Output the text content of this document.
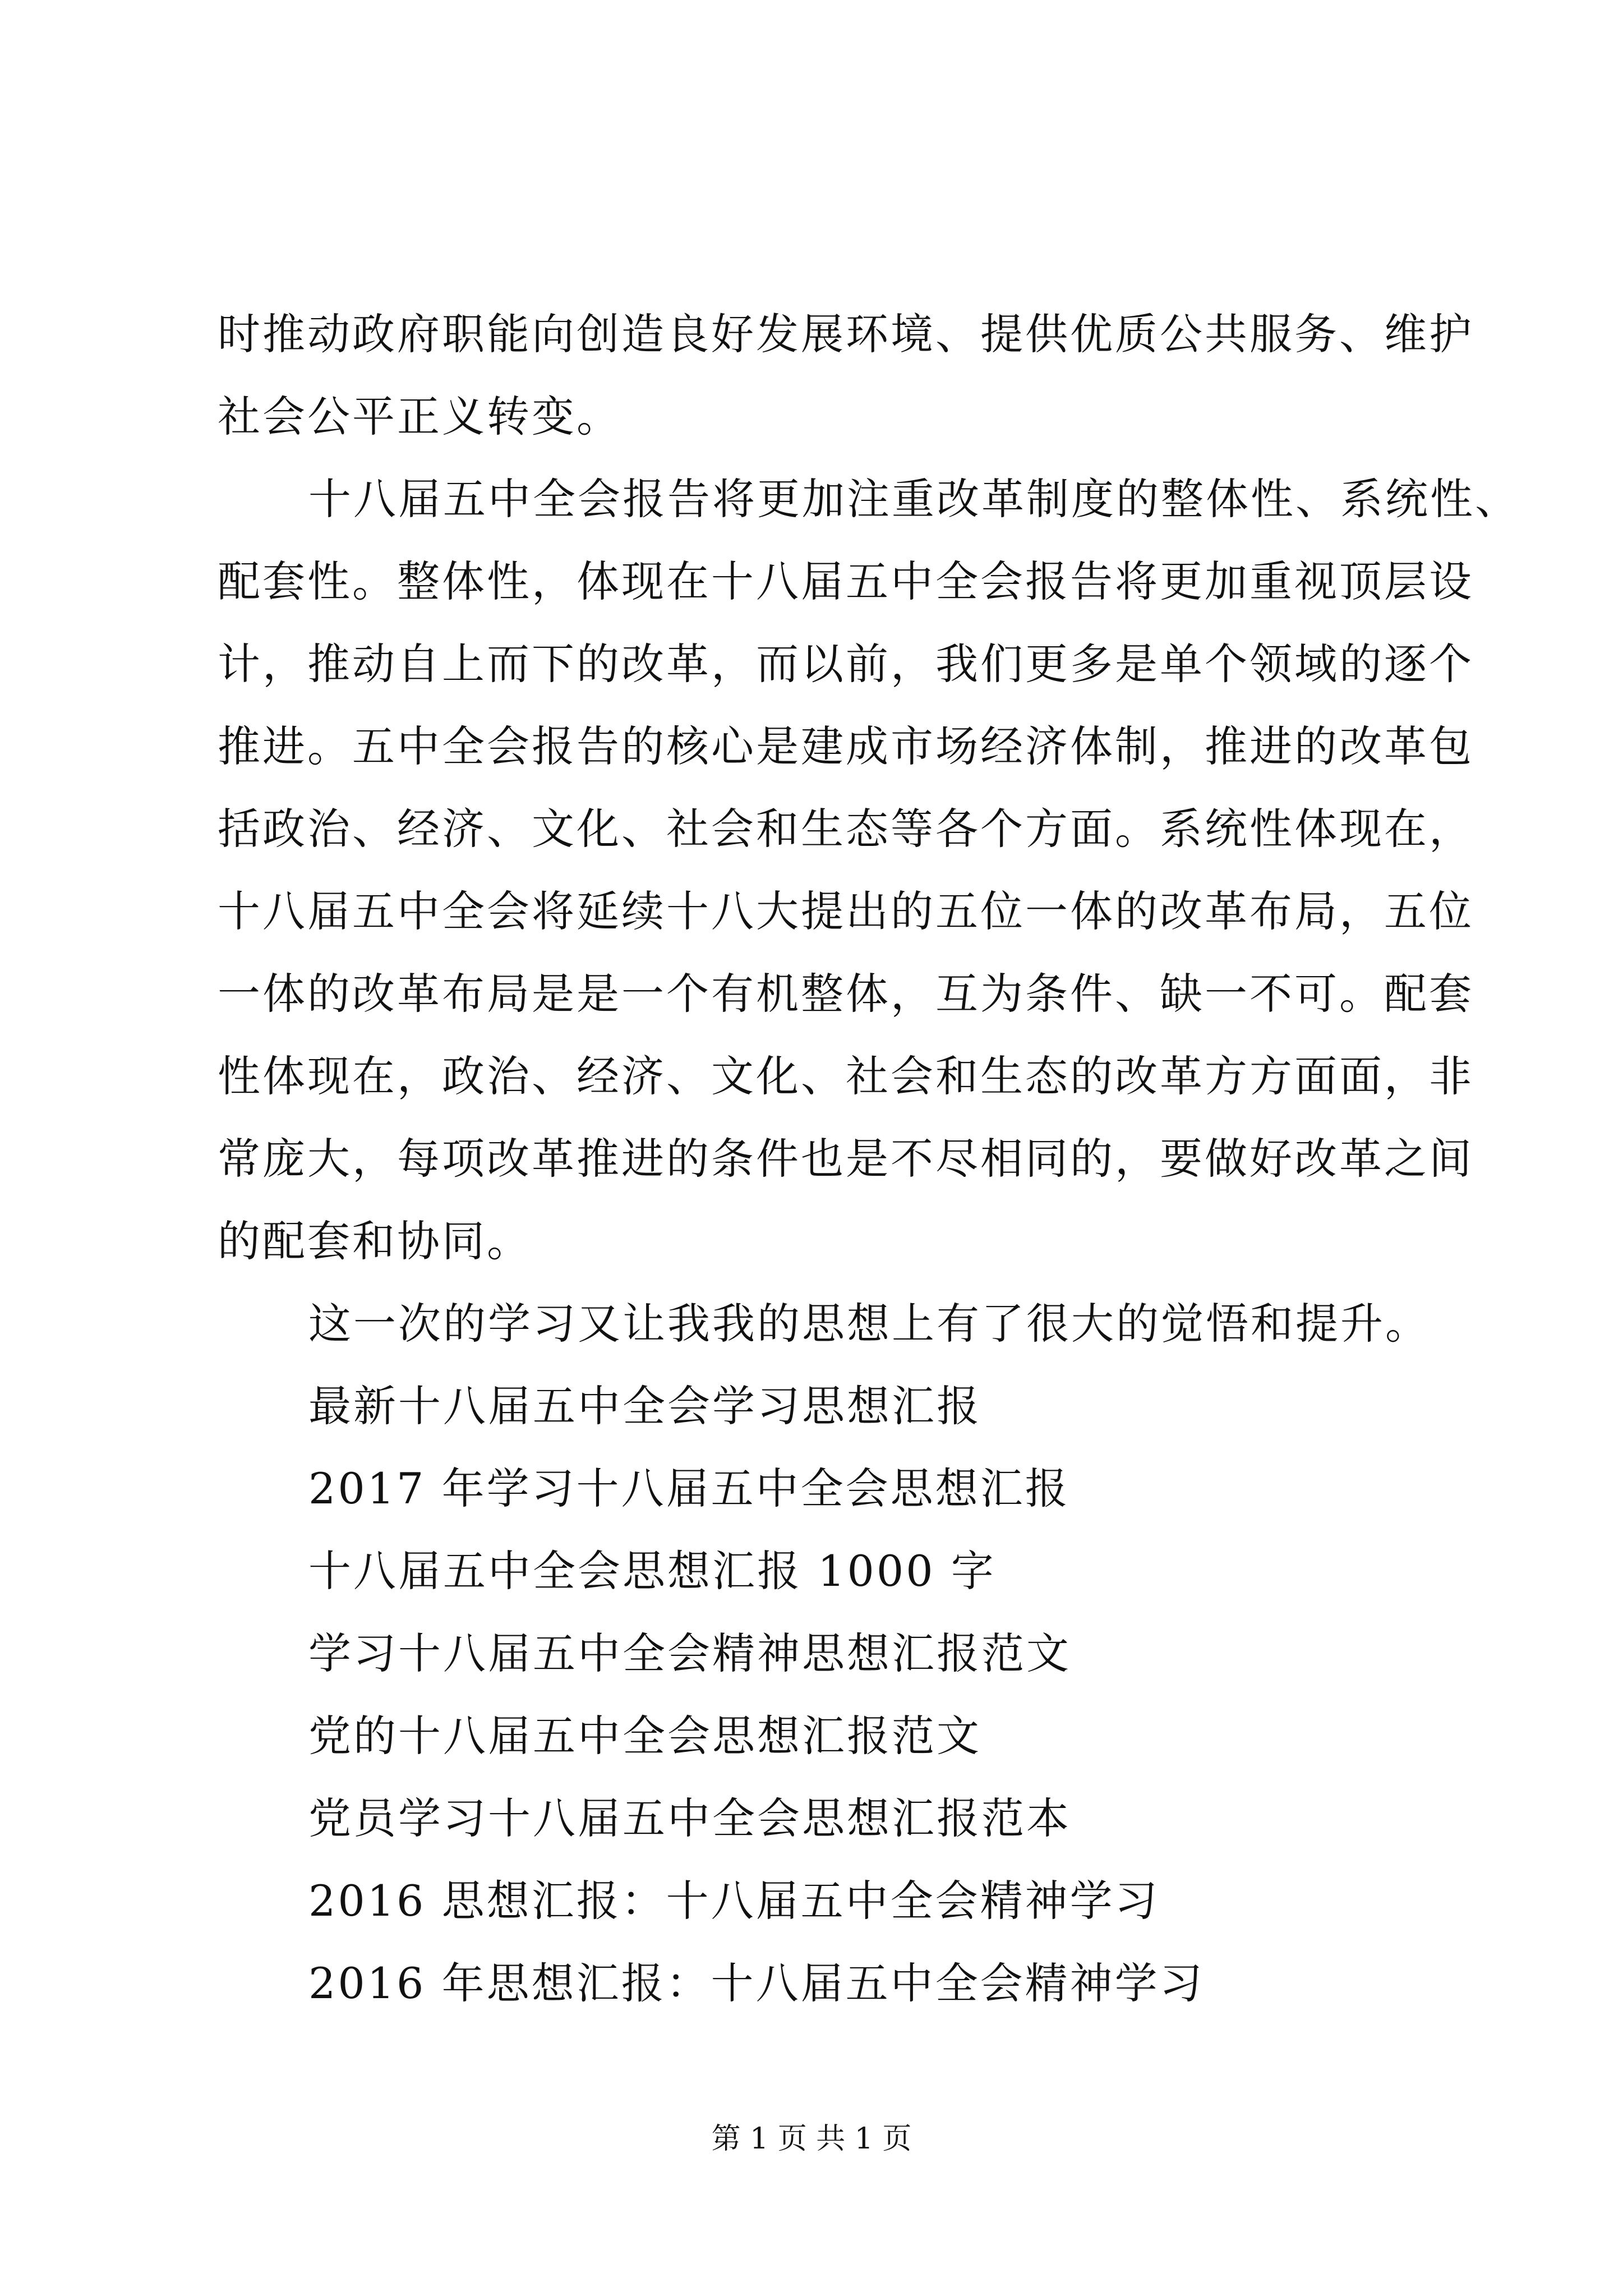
时推动政府职能向创造良好发展环境、提供优质公共服务、维护
社会公平正义转变。
十八届五中全会报告将更加注重改革制度的整体性、系统性、
配套性。整体性，体现在十八届五中全会报告将更加重视顶层设
计，推动自上而下的改革，而以前，我们更多是单个领域的逐个
推进。五中全会报告的核心是建成市场经济体制，推进的改革包
括政治、经济、文化、社会和生态等各个方面。系统性体现在，
十八届五中全会将延续十八大提出的五位一体的改革布局，五位
一体的改革布局是是一个有机整体，互为条件、缺一不可。配套
性体现在，政治、经济、文化、社会和生态的改革方方面面，非
常庞大，每项改革推进的条件也是不尽相同的，要做好改革之间
的配套和协同。
这一次的学习又让我我的思想上有了很大的觉悟和提升。
最新十八届五中全会学习思想汇报
2017 年学习十八届五中全会思想汇报
十八届五中全会思想汇报 1000 字
学习十八届五中全会精神思想汇报范文
党的十八届五中全会思想汇报范文
党员学习十八届五中全会思想汇报范本
2016 思想汇报：十八届五中全会精神学习
2016 年思想汇报：十八届五中全会精神学习
第 1 页 共 1 页
